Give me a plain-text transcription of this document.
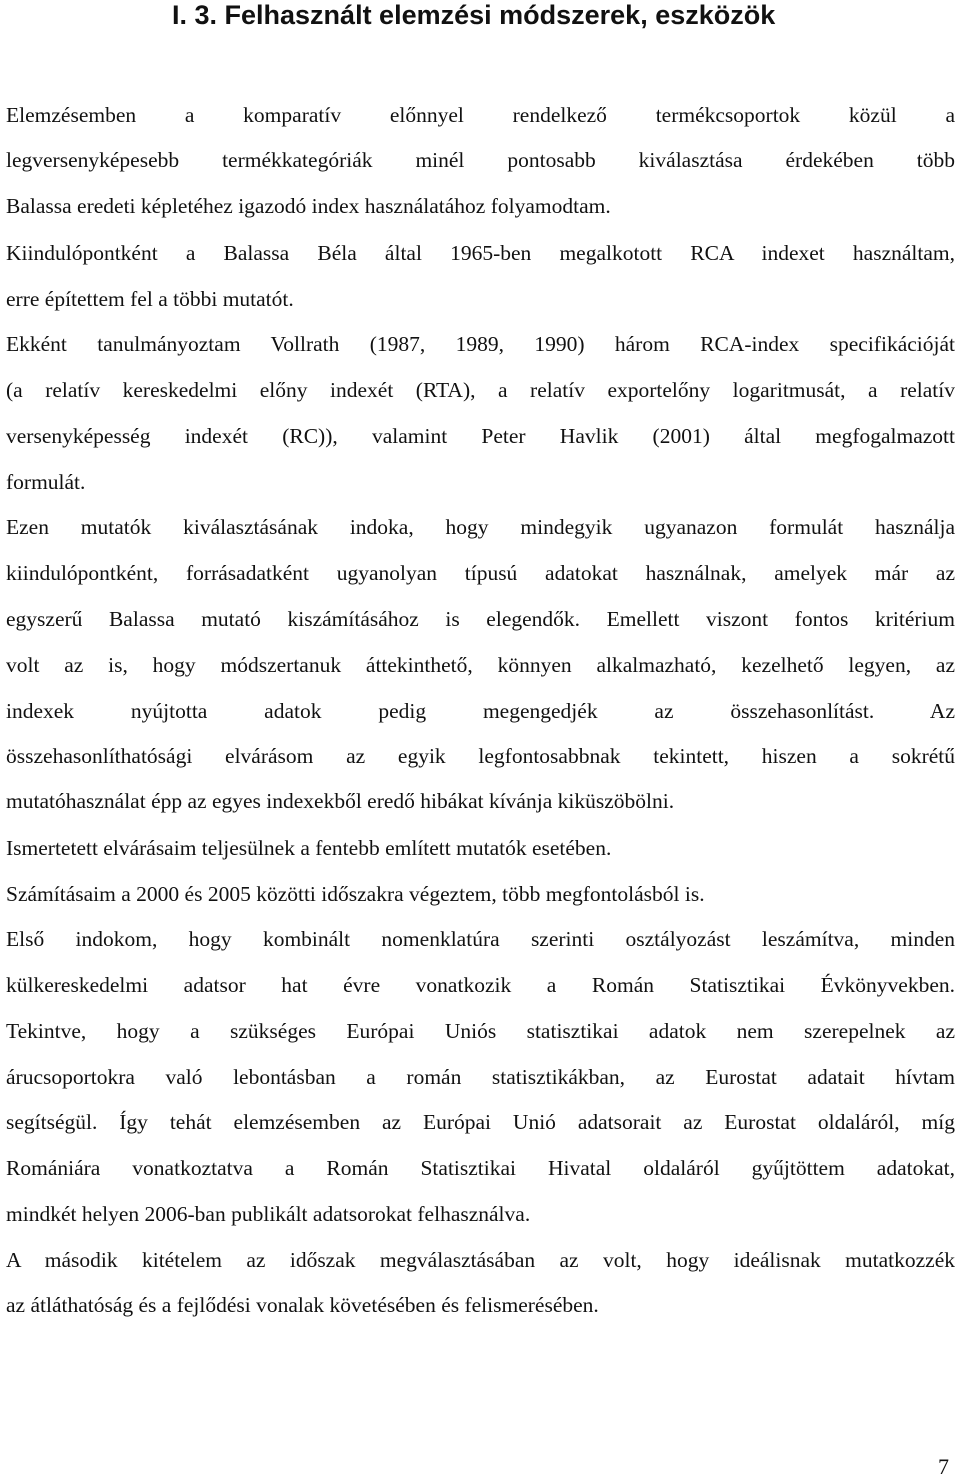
I. 3. Felhasznált elemzési módszerek, eszközök
Elemzésemben a komparatív előnnyel rendelkező termékcsoportok közül a
legversenyképesebb termékkategóriák minél pontosabb kiválasztása érdekében több
Balassa eredeti képletéhez igazodó index használatához folyamodtam.
Kiindulópontként a Balassa Béla által 1965-ben megalkotott RCA indexet használtam,
erre építettem fel a többi mutatót.
Ekként tanulmányoztam Vollrath (1987, 1989, 1990) három RCA-index specifikációját
(a relatív kereskedelmi előny indexét (RTA), a relatív exportelőny logaritmusát, a relatív
versenyképesség indexét (RC)), valamint Peter Havlik (2001) által megfogalmazott
formulát.
Ezen mutatók kiválasztásának indoka, hogy mindegyik ugyanazon formulát használja
kiindulópontként, forrásadatként ugyanolyan típusú adatokat használnak, amelyek már az
egyszerű Balassa mutató kiszámításához is elegendők. Emellett viszont fontos kritérium
volt az is, hogy módszertanuk áttekinthető, könnyen alkalmazható, kezelhető legyen, az
indexek nyújtotta adatok pedig megengedjék az összehasonlítást. Az
összehasonlíthatósági elvárásom az egyik legfontosabbnak tekintett, hiszen a sokrétű
mutatóhasználat épp az egyes indexekből eredő hibákat kívánja kiküszöbölni.
Ismertetett elvárásaim teljesülnek a fentebb említett mutatók esetében.
Számításaim a 2000 és 2005 közötti időszakra végeztem, több megfontolásból is.
Első indokom, hogy kombinált nomenklatúra szerinti osztályozást leszámítva, minden
külkereskedelmi adatsor hat évre vonatkozik a Román Statisztikai Évkönyvekben.
Tekintve, hogy a szükséges Európai Uniós statisztikai adatok nem szerepelnek az
árucsoportokra való lebontásban a román statisztikákban, az Eurostat adatait hívtam
segítségül. Így tehát elemzésemben az Európai Unió adatsorait az Eurostat oldaláról, míg
Romániára vonatkoztatva a Román Statisztikai Hivatal oldaláról gyűjtöttem adatokat,
mindkét helyen 2006-ban publikált adatsorokat felhasználva.
A második kitételem az időszak megválasztásában az volt, hogy ideálisnak mutatkozzék
az átláthatóság és a fejlődési vonalak követésében és felismerésében.
7
